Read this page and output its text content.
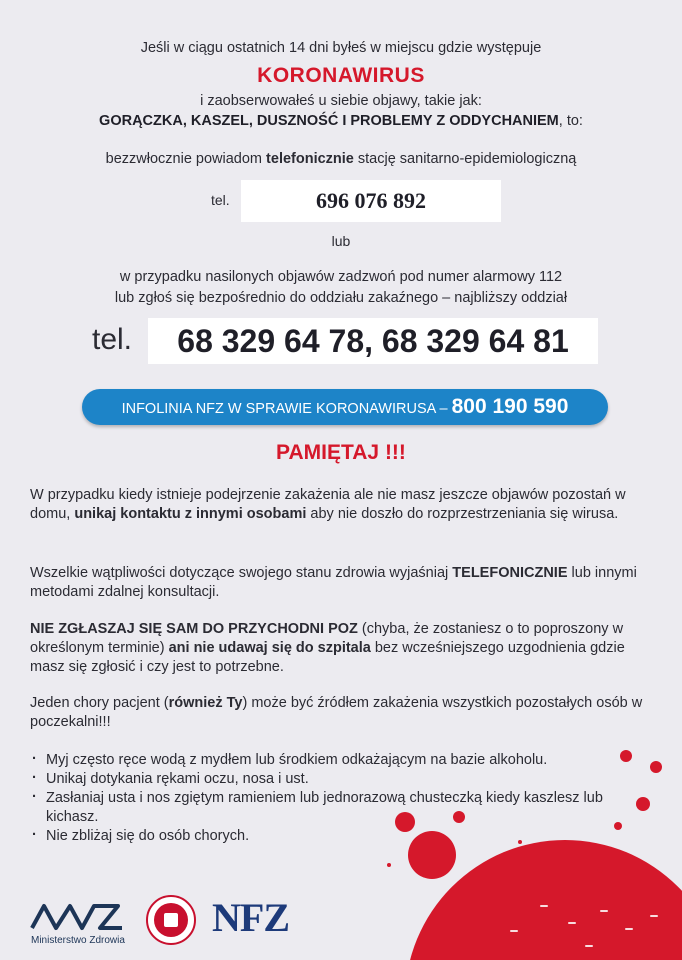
Jeśli w ciągu ostatnich 14 dni byłeś w miejscu gdzie występuje
KORONAWIRUS
i zaobserwowałeś u siebie objawy, takie jak:
GORĄCZKA, KASZEL, DUSZNOŚĆ I PROBLEMY Z ODDYCHANIEM, to:
bezzwłocznie powiadom telefonicznie stację sanitarno-epidemiologiczną
tel.	696 076 892
lub
w przypadku nasilonych objawów zadzwoń pod numer alarmowy 112
lub zgłoś się bezpośrednio do oddziału zakaźnego – najbliższy oddział
tel.	68 329 64 78, 68 329 64 81
INFOLINIA NFZ W SPRAWIE KORONAWIRUSA – 800 190 590
PAMIĘTAJ !!!
W przypadku kiedy istnieje podejrzenie zakażenia ale nie masz jeszcze objawów pozostań w domu, unikaj kontaktu z innymi osobami aby nie doszło do rozprzestrzeniania się wirusa.
Wszelkie wątpliwości dotyczące swojego stanu zdrowia wyjaśniaj TELEFONICZNIE lub innymi metodami zdalnej konsultacji.
NIE ZGŁASZAJ SIĘ SAM DO PRZYCHODNI POZ (chyba, że zostaniesz o to poproszony w określonym terminie) ani nie udawaj się do szpitala bez wcześniejszego uzgodnienia gdzie masz się zgłosić i czy jest to potrzebne.
Jeden chory pacjent (również Ty) może być źródłem zakażenia wszystkich pozostałych osób w poczekalni!!!
· Myj często ręce wodą z mydłem lub środkiem odkażającym na bazie alkoholu.
· Unikaj dotykania rękami oczu, nosa i ust.
· Zasłaniaj usta i nos zgiętym ramieniem lub jednorazową chusteczką kiedy kaszlesz lub kichasz.
· Nie zbliżaj się do osób chorych.
Ministerstwo Zdrowia
NFZ
